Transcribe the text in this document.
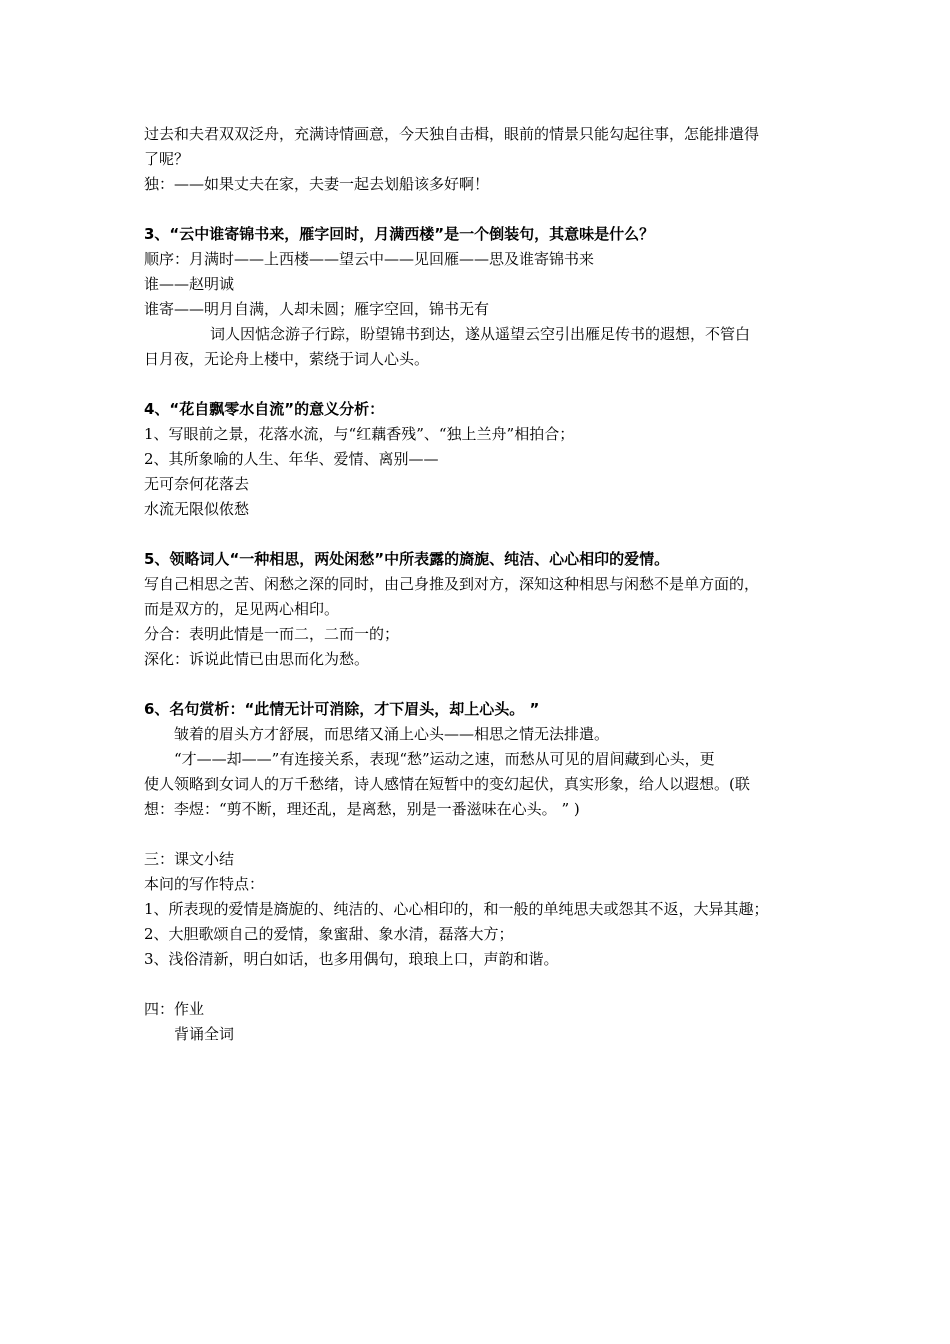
过去和夫君双双泛舟，充满诗情画意，今天独自击楫，眼前的情景只能勾起往事，怎能排遣得
了呢？
独：——如果丈夫在家，夫妻一起去划船该多好啊！
3、“云中谁寄锦书来，雁字回时，月满西楼”是一个倒装句，其意味是什么？
顺序：月满时——上西楼——望云中——见回雁——思及谁寄锦书来
谁——赵明诚
谁寄——明月自满，人却未圆；雁字空回，锦书无有
词人因惦念游子行踪，盼望锦书到达，遂从遥望云空引出雁足传书的遐想，不管白
日月夜，无论舟上楼中，萦绕于词人心头。
4、“花自飘零水自流”的意义分析：
1、写眼前之景，花落水流，与“红藕香残”、“独上兰舟”相拍合；
2、其所象喻的人生、年华、爱情、离别——
无可奈何花落去
水流无限似侬愁
5、领略词人“一种相思，两处闲愁”中所表露的旖旎、纯洁、心心相印的爱情。
写自己相思之苦、闲愁之深的同时，由己身推及到对方，深知这种相思与闲愁不是单方面的，
而是双方的，足见两心相印。
分合：表明此情是一而二，二而一的；
深化：诉说此情已由思而化为愁。
6、名句赏析：“此情无计可消除，才下眉头，却上心头。 ”
皱着的眉头方才舒展，而思绪又涌上心头——相思之情无法排遣。
“才——却——”有连接关系，表现“愁”运动之速，而愁从可见的眉间藏到心头，更
使人领略到女词人的万千愁绪，诗人感情在短暂中的变幻起伏，真实形象，给人以遐想。(联
想：李煜：“剪不断，理还乱，是离愁，别是一番滋味在心头。 ” )
三：课文小结
本问的写作特点：
1、所表现的爱情是旖旎的、纯洁的、心心相印的，和一般的单纯思夫或怨其不返，大异其趣；
2、大胆歌颂自己的爱情，象蜜甜、象水清，磊落大方；
3、浅俗清新，明白如话，也多用偶句，琅琅上口，声韵和谐。
四：作业
背诵全词
